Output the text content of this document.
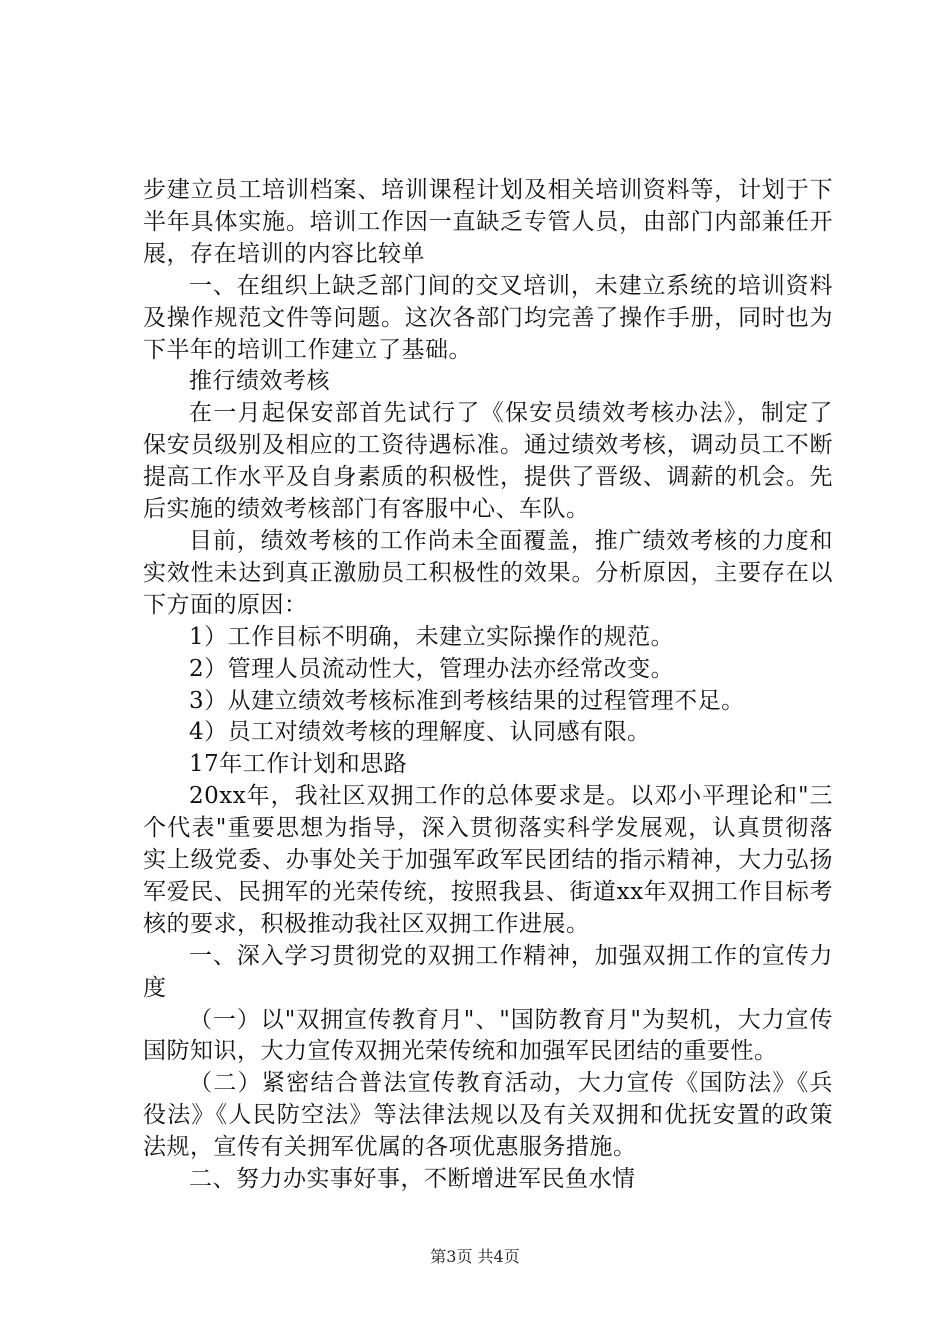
步建立员工培训档案、培训课程计划及相关培训资料等，计划于下半年具体实施。培训工作因一直缺乏专管人员，由部门内部兼任开展，存在培训的内容比较单

一、在组织上缺乏部门间的交叉培训，未建立系统的培训资料及操作规范文件等问题。这次各部门均完善了操作手册，同时也为下半年的培训工作建立了基础。

推行绩效考核

在一月起保安部首先试行了《保安员绩效考核办法》，制定了保安员级别及相应的工资待遇标准。通过绩效考核，调动员工不断提高工作水平及自身素质的积极性，提供了晋级、调薪的机会。先后实施的绩效考核部门有客服中心、车队。

目前，绩效考核的工作尚未全面覆盖，推广绩效考核的力度和实效性未达到真正激励员工积极性的效果。分析原因，主要存在以下方面的原因：

1）工作目标不明确，未建立实际操作的规范。

2）管理人员流动性大，管理办法亦经常改变。

3）从建立绩效考核标准到考核结果的过程管理不足。

4）员工对绩效考核的理解度、认同感有限。

17年工作计划和思路

20xx年，我社区双拥工作的总体要求是。以邓小平理论和"三个代表"重要思想为指导，深入贯彻落实科学发展观，认真贯彻落实上级党委、办事处关于加强军政军民团结的指示精神，大力弘扬军爱民、民拥军的光荣传统，按照我县、街道xx年双拥工作目标考核的要求，积极推动我社区双拥工作进展。

一、深入学习贯彻党的双拥工作精神，加强双拥工作的宣传力度

（一）以"双拥宣传教育月"、"国防教育月"为契机，大力宣传国防知识，大力宣传双拥光荣传统和加强军民团结的重要性。

（二）紧密结合普法宣传教育活动，大力宣传《国防法》《兵役法》《人民防空法》等法律法规以及有关双拥和优抚安置的政策法规，宣传有关拥军优属的各项优惠服务措施。

二、努力办实事好事，不断增进军民鱼水情

第3页 共4页
